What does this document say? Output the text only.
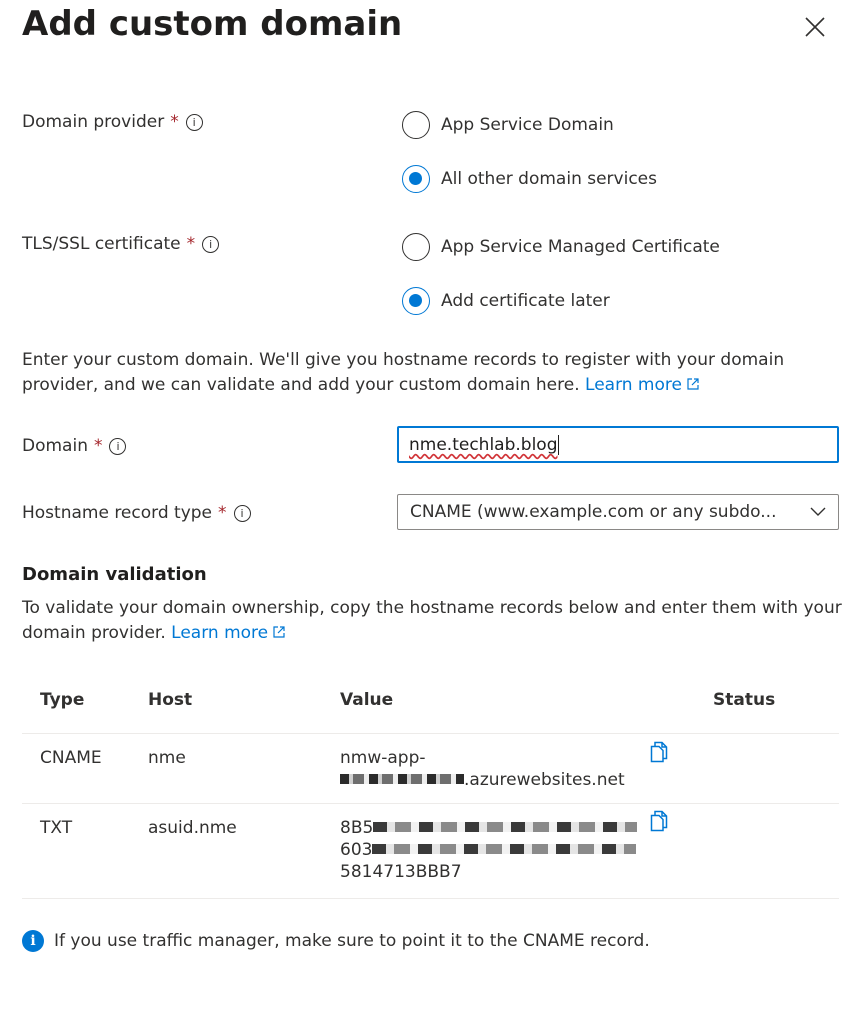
Add custom domain
Domain provider *	i	App Service Domain
All other domain services
TLS/SSL certificate *	i	App Service Managed Certificate
Add certificate later
Enter your custom domain. We'll give you hostname records to register with your domain provider, and we can validate and add your custom domain here. Learn more
Domain *	i	nme.techlab.blog
Hostname record type *	i	CNAME (www.example.com or any subdo...
Domain validation
To validate your domain ownership, copy the hostname records below and enter them with your domain provider. Learn more
Type	Host	Value	Status
CNAME	nme	nmw-app-
.azurewebsites.net
TXT	asuid.nme	8B5
603
5814713BBB7
i	If you use traffic manager, make sure to point it to the CNAME record.
